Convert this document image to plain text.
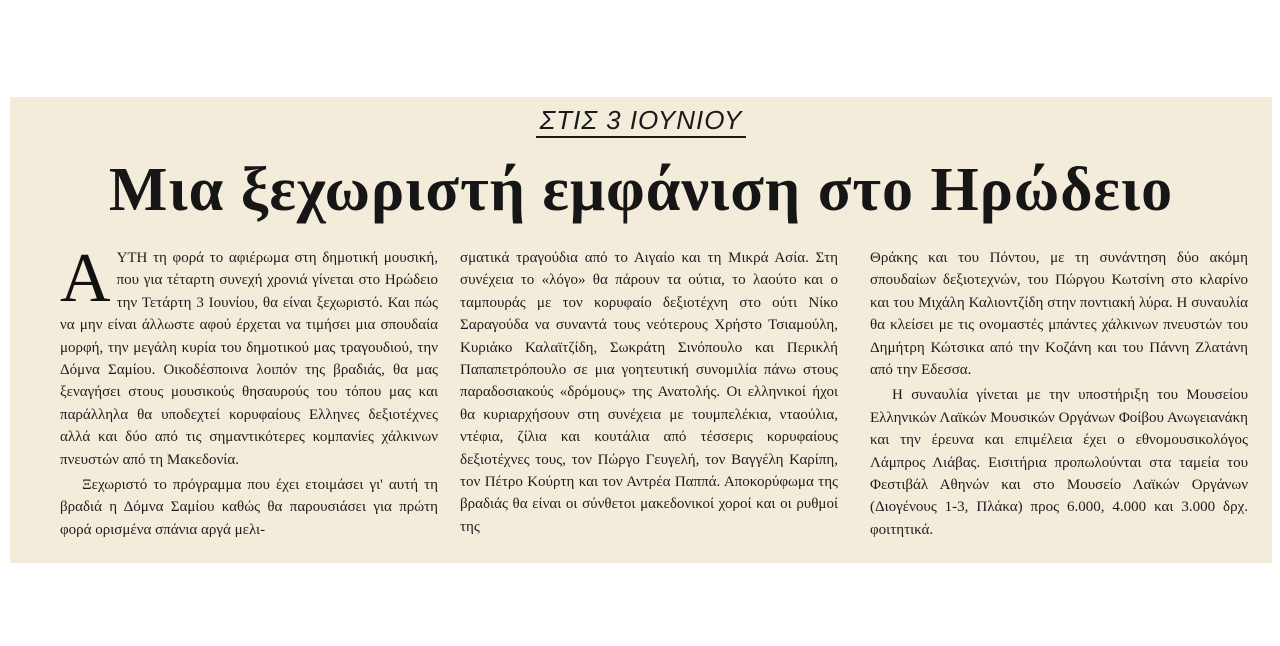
ΣΤΙΣ 3 ΙΟΥΝΙΟΥ
Μια ξεχωριστή εμφάνιση στο Ηρώδειο

ΑΥΤΗ τη φορά το αφιέρωμα στη δημοτική μουσική, που για τέταρτη συνεχή χρονιά γίνεται στο Ηρώδειο την Τετάρτη 3 Ιουνίου, θα είναι ξεχωριστό. Και πώς να μην είναι άλλωστε αφού έρχεται να τιμήσει μια σπουδαία μορφή, την μεγάλη κυρία του δημοτικού μας τραγουδιού, την Δόμνα Σαμίου. Οικοδέσποινα λοιπόν της βραδιάς, θα μας ξεναγήσει στους μουσικούς θησαυρούς του τόπου μας και παράλληλα θα υποδεχτεί κορυφαίους Ελληνες δεξιοτέχνες αλλά και δύο από τις σημαντικότερες κομπανίες χάλκινων πνευστών από τη Μακεδονία.

Ξεχωριστό το πρόγραμμα που έχει ετοιμάσει γι' αυτή τη βραδιά η Δόμνα Σαμίου καθώς θα παρουσιάσει για πρώτη φορά ορισμένα σπάνια αργά μελι-

σματικά τραγούδια από το Αιγαίο και τη Μικρά Ασία. Στη συνέχεια το «λόγο» θα πάρουν τα ούτια, το λαούτο και ο ταμπουράς με τον κορυφαίο δεξιοτέχνη στο ούτι Νίκο Σαραγούδα να συναντά τους νεότερους Χρήστο Τσιαμούλη, Κυριάκο Καλαϊτζίδη, Σωκράτη Σινόπουλο και Περικλή Παπαπετρόπουλο σε μια γοητευτική συνομιλία πάνω στους παραδοσιακούς «δρόμους» της Ανατολής. Οι ελληνικοί ήχοι θα κυριαρχήσουν στη συνέχεια με τουμπελέκια, νταούλια, ντέφια, ζίλια και κουτάλια από τέσσερις κορυφαίους δεξιοτέχνες τους, τον Πώργο Γευγελή, τον Βαγγέλη Καρίπη, τον Πέτρο Κούρτη και τον Αντρέα Παππά. Αποκορύφωμα της βραδιάς θα είναι οι σύνθετοι μακεδονικοί χοροί και οι ρυθμοί της

Θράκης και του Πόντου, με τη συνάντηση δύο ακόμη σπουδαίων δεξιοτεχνών, του Πώργου Κωτσίνη στο κλαρίνο και του Μιχάλη Καλιοντζίδη στην ποντιακή λύρα. Η συναυλία θα κλείσει με τις ονομαστές μπάντες χάλκινων πνευστών του Δημήτρη Κώτσικα από την Κοζάνη και του Πάννη Ζλατάνη από την Εδεσσα.

Η συναυλία γίνεται με την υποστήριξη του Μουσείου Ελληνικών Λαϊκών Μουσικών Οργάνων Φοίβου Ανωγειανάκη και την έρευνα και επιμέλεια έχει ο εθνομουσικολόγος Λάμπρος Λιάβας. Εισιτήρια προπωλούνται στα ταμεία του Φεστιβάλ Αθηνών και στο Μουσείο Λαϊκών Οργάνων (Διογένους 1-3, Πλάκα) προς 6.000, 4.000 και 3.000 δρχ. φοιτητικά.
